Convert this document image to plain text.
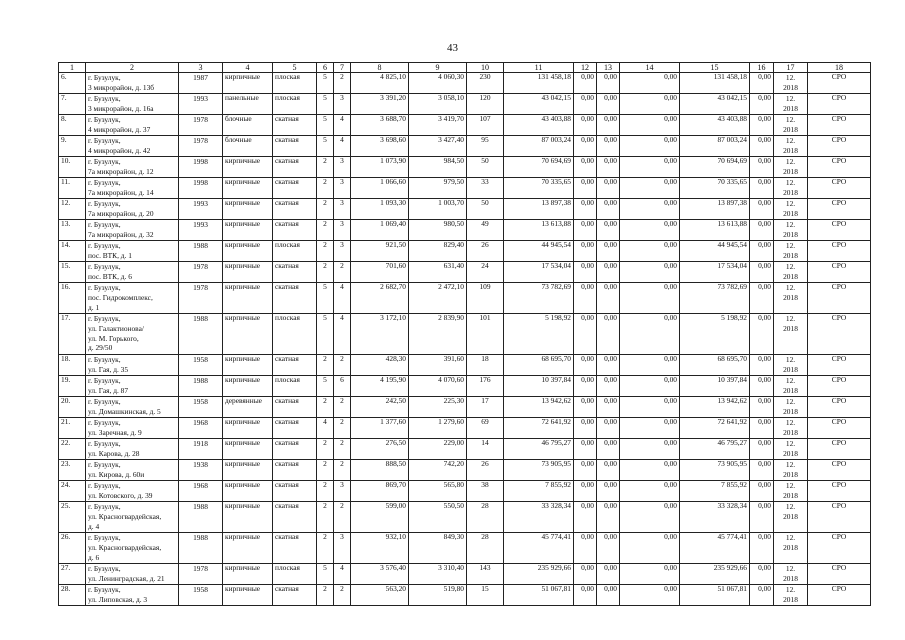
43
1	2	3	4	5	6	7	8	9	10	11	12	13	14	15	16	17	18
6.	г. Бузулук,
3 микрорайон, д. 13б	1987	кирпичные	плоская	5	2	4 825,10	4 060,30	230	131 458,18	0,00	0,00	0,00	131 458,18	0,00	12.
2018	СРО
7.	г. Бузулук,
3 микрорайон, д. 16а	1993	панельные	плоская	5	3	3 391,20	3 058,10	120	43 042,15	0,00	0,00	0,00	43 042,15	0,00	12.
2018	СРО
8.	г. Бузулук,
4 микрорайон, д. 37	1978	блочные	скатная	5	4	3 688,70	3 419,70	107	43 403,88	0,00	0,00	0,00	43 403,88	0,00	12.
2018	СРО
9.	г. Бузулук,
4 микрорайон, д. 42	1978	блочные	скатная	5	4	3 698,60	3 427,40	95	87 003,24	0,00	0,00	0,00	87 003,24	0,00	12.
2018	СРО
10.	г. Бузулук,
7а микрорайон, д. 12	1998	кирпичные	скатная	2	3	1 073,90	984,50	50	70 694,69	0,00	0,00	0,00	70 694,69	0,00	12.
2018	СРО
11.	г. Бузулук,
7а микрорайон, д. 14	1998	кирпичные	скатная	2	3	1 066,60	979,50	33	70 335,65	0,00	0,00	0,00	70 335,65	0,00	12.
2018	СРО
12.	г. Бузулук,
7а микрорайон, д. 20	1993	кирпичные	скатная	2	3	1 093,30	1 003,70	50	13 897,38	0,00	0,00	0,00	13 897,38	0,00	12.
2018	СРО
13.	г. Бузулук,
7а микрорайон, д. 32	1993	кирпичные	скатная	2	3	1 069,40	980,50	49	13 613,88	0,00	0,00	0,00	13 613,88	0,00	12.
2018	СРО
14.	г. Бузулук,
пос. ВТК, д. 1	1988	кирпичные	плоская	2	3	921,50	829,40	26	44 945,54	0,00	0,00	0,00	44 945,54	0,00	12.
2018	СРО
15.	г. Бузулук,
пос. ВТК, д. 6	1978	кирпичные	скатная	2	2	701,60	631,40	24	17 534,04	0,00	0,00	0,00	17 534,04	0,00	12.
2018	СРО
16.	г. Бузулук,
пос. Гидрокомплекс,
д. 1	1978	кирпичные	скатная	5	4	2 682,70	2 472,10	109	73 782,69	0,00	0,00	0,00	73 782,69	0,00	12.
2018	СРО
17.	г. Бузулук,
ул. Галактионова/
ул. М. Горького,
д. 29/50	1988	кирпичные	плоская	5	4	3 172,10	2 839,90	101	5 198,92	0,00	0,00	0,00	5 198,92	0,00	12.
2018	СРО
18.	г. Бузулук,
ул. Гая, д. 35	1958	кирпичные	скатная	2	2	428,30	391,60	18	68 695,70	0,00	0,00	0,00	68 695,70	0,00	12.
2018	СРО
19.	г. Бузулук,
ул. Гая, д. 87	1988	кирпичные	плоская	5	6	4 195,90	4 070,60	176	10 397,84	0,00	0,00	0,00	10 397,84	0,00	12.
2018	СРО
20.	г. Бузулук,
ул. Домашкинская, д. 5	1958	деревянные	скатная	2	2	242,50	225,30	17	13 942,62	0,00	0,00	0,00	13 942,62	0,00	12.
2018	СРО
21.	г. Бузулук,
ул. Заречная, д. 9	1968	кирпичные	скатная	4	2	1 377,60	1 279,60	69	72 641,92	0,00	0,00	0,00	72 641,92	0,00	12.
2018	СРО
22.	г. Бузулук,
ул. Карова, д. 28	1918	кирпичные	скатная	2	2	276,50	229,00	14	46 795,27	0,00	0,00	0,00	46 795,27	0,00	12.
2018	СРО
23.	г. Бузулук,
ул. Кирова, д. 60и	1938	кирпичные	скатная	2	2	888,50	742,20	26	73 905,95	0,00	0,00	0,00	73 905,95	0,00	12.
2018	СРО
24.	г. Бузулук,
ул. Котовского, д. 39	1968	кирпичные	скатная	2	3	869,70	565,80	38	7 855,92	0,00	0,00	0,00	7 855,92	0,00	12.
2018	СРО
25.	г. Бузулук,
ул. Красногвардейская,
д. 4	1988	кирпичные	скатная	2	2	599,00	550,50	28	33 328,34	0,00	0,00	0,00	33 328,34	0,00	12.
2018	СРО
26.	г. Бузулук,
ул. Красногвардейская,
д. 6	1988	кирпичные	скатная	2	3	932,10	849,30	28	45 774,41	0,00	0,00	0,00	45 774,41	0,00	12.
2018	СРО
27.	г. Бузулук,
ул. Ленинградская, д. 21	1978	кирпичные	плоская	5	4	3 576,40	3 310,40	143	235 929,66	0,00	0,00	0,00	235 929,66	0,00	12.
2018	СРО
28.	г. Бузулук,
ул. Липовская, д. 3	1958	кирпичные	скатная	2	2	563,20	519,80	15	51 067,81	0,00	0,00	0,00	51 067,81	0,00	12.
2018	СРО
